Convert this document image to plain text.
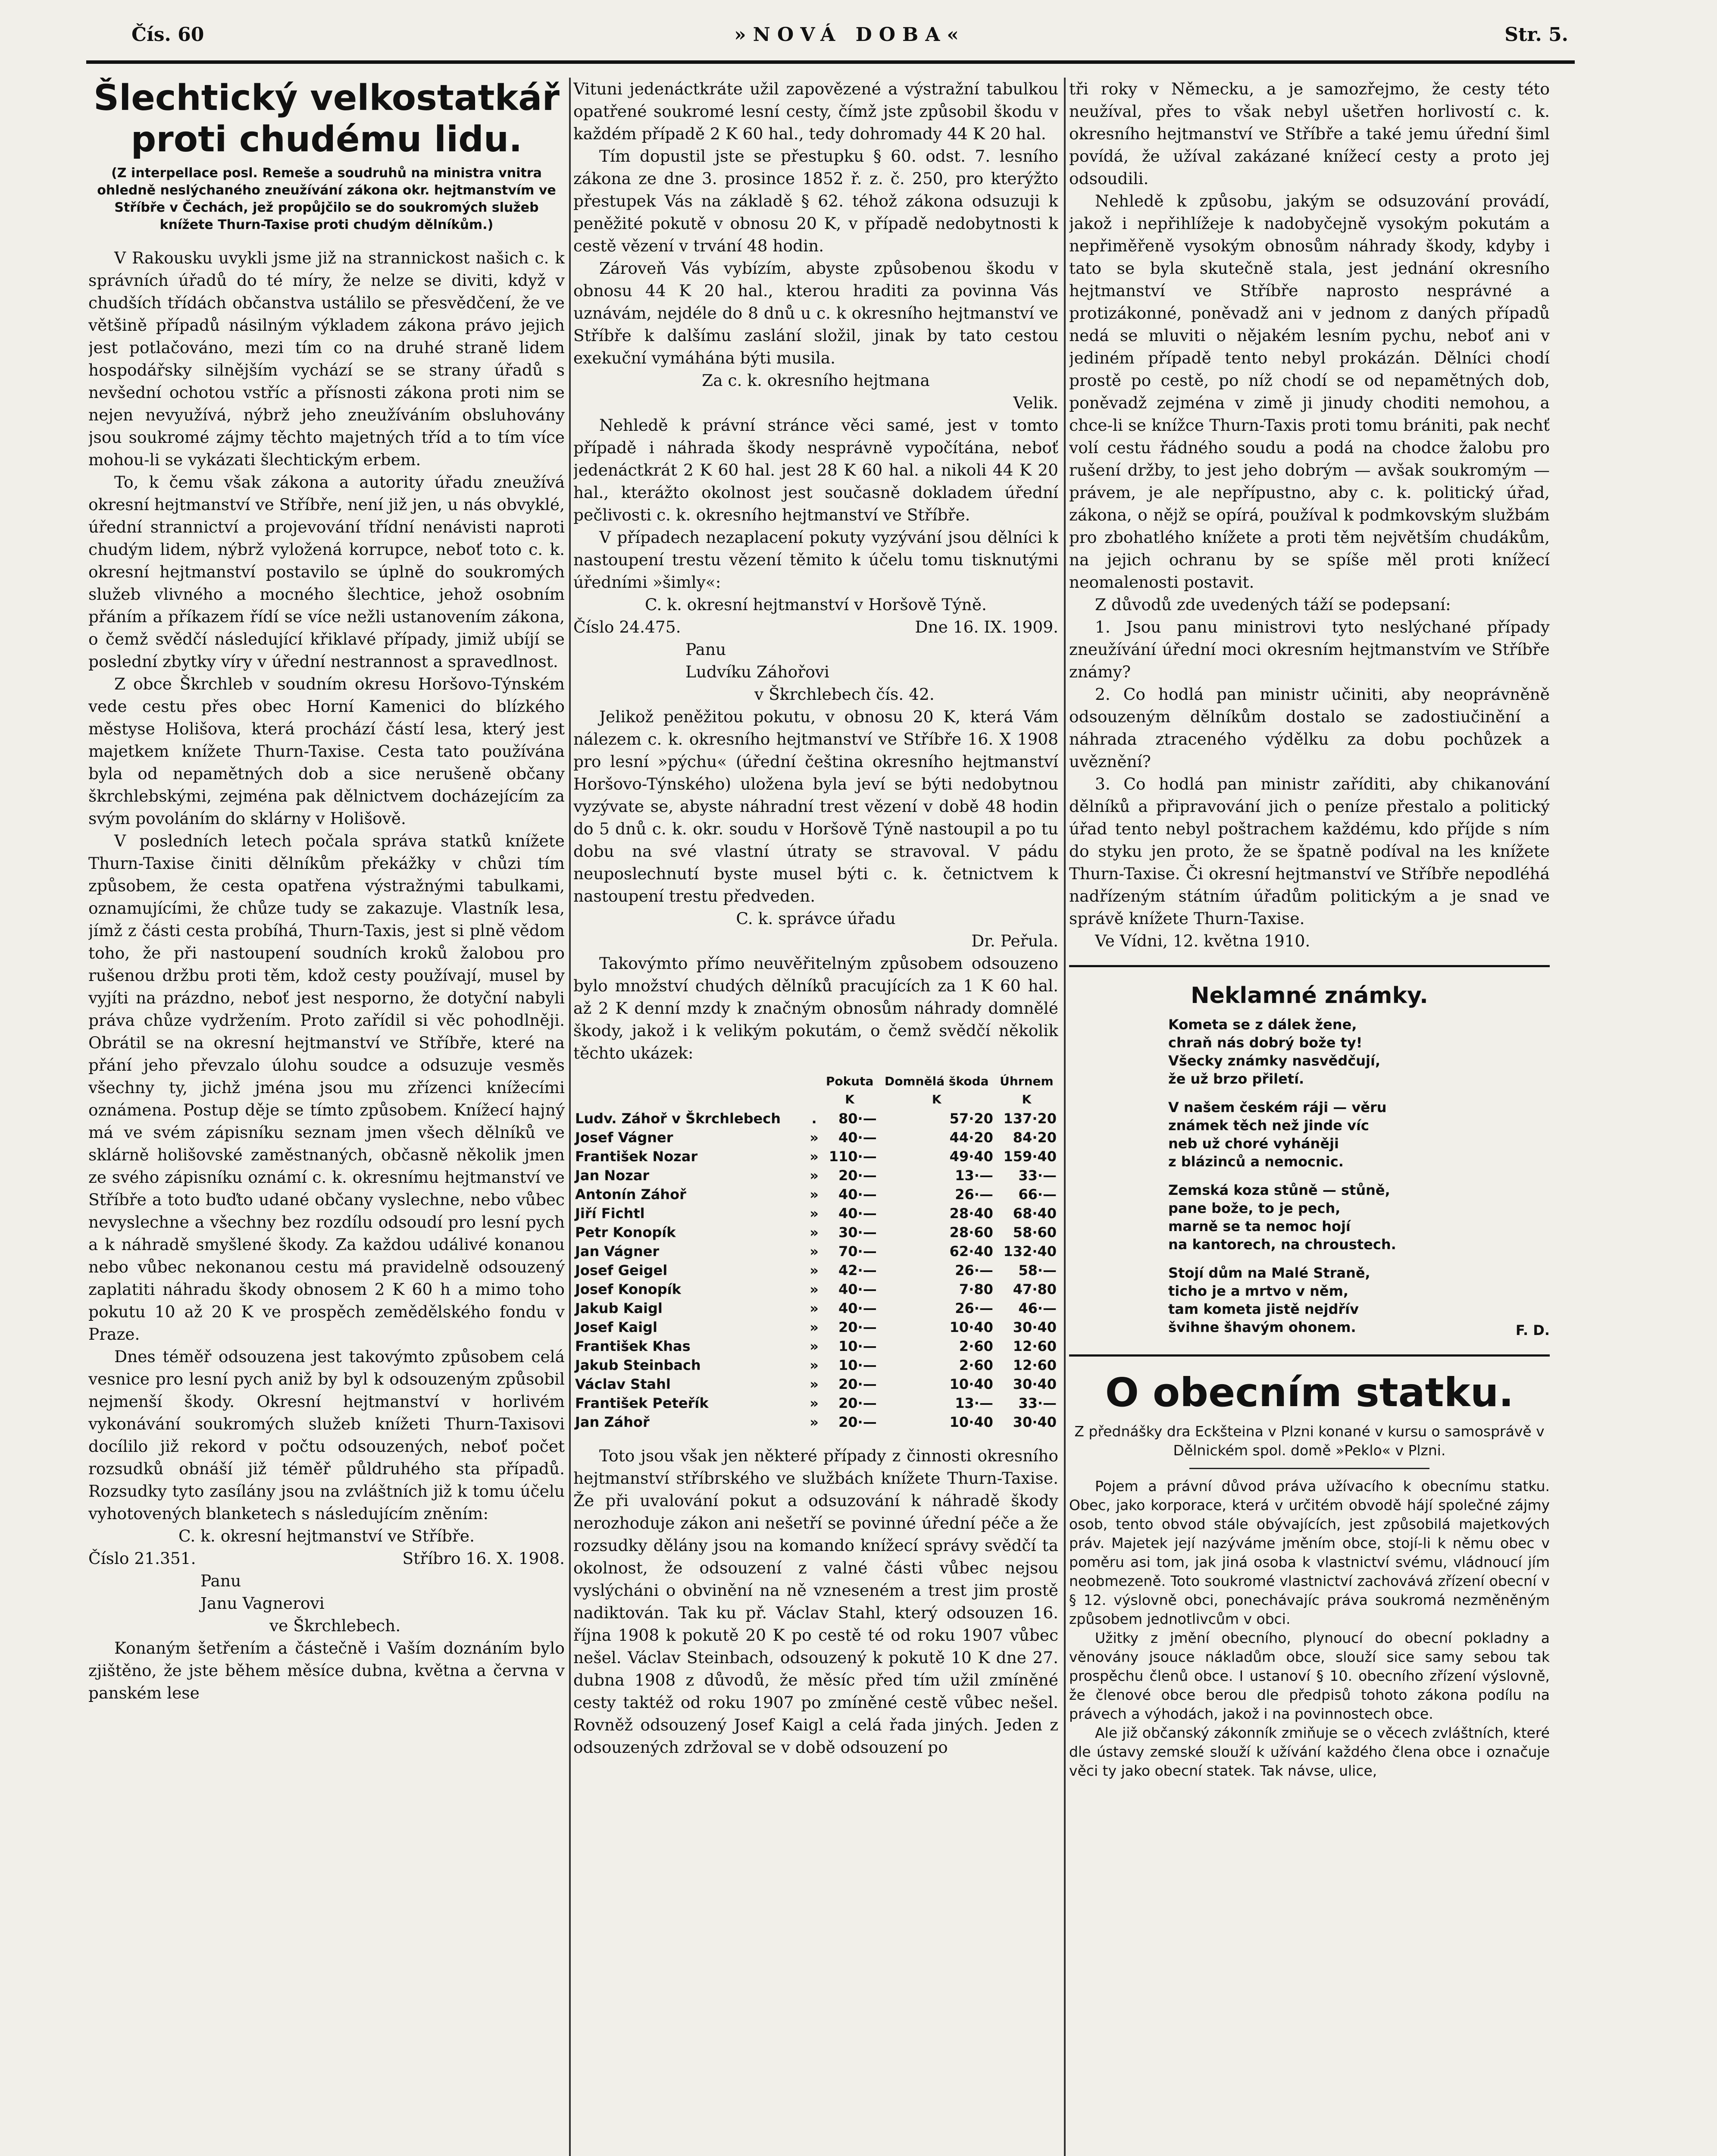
Čís. 60	»NOVÁ DOBA«	Str. 5.
Šlechtický velkostatkář proti chudému lidu.
(Z interpellace posl. Remeše a soudruhů na ministra vnitra ohledně neslýchaného zneužívání zákona okr. hejtmanstvím ve Stříbře v Čechách, jež propůjčilo se do soukromých služeb knížete Thurn-Taxise proti chudým dělníkům.)

V Rakousku uvykli jsme již na strannickost našich c. k správních úřadů do té míry, že nelze se diviti, když v chudších třídách občanstva ustálilo se přesvědčení, že ve většině případů násilným výkladem zákona právo jejich jest potlačováno, mezi tím co na druhé straně lidem hospodářsky silnějším vychází se se strany úřadů s nevšední ochotou vstříc a přísnosti zákona proti nim se nejen nevyužívá, nýbrž jeho zneužíváním obsluhovány jsou soukromé zájmy těchto majetných tříd a to tím více mohou-li se vykázati šlechtickým erbem.

To, k čemu však zákona a autority úřadu zneužívá okresní hejtmanství ve Stříbře, není již jen, u nás obvyklé, úřední strannictví a projevování třídní nenávisti naproti chudým lidem, nýbrž vyložená korrupce, neboť toto c. k. okresní hejtmanství postavilo se úplně do soukromých služeb vlivného a mocného šlechtice, jehož osobním přáním a příkazem řídí se více nežli ustanovením zákona, o čemž svědčí následující křiklavé případy, jimiž ubíjí se poslední zbytky víry v úřední nestrannost a spravedlnost.

Z obce Škrchleb v soudním okresu Horšovo-Týnském vede cestu přes obec Horní Kamenici do blízkého městyse Holišova, která prochází částí lesa, který jest majetkem knížete Thurn-Taxise. Cesta tato používána byla od nepamětných dob a sice nerušeně občany škrchlebskými, zejména pak dělnictvem docházejícím za svým povoláním do sklárny v Holišově.

V posledních letech počala správa statků knížete Thurn-Taxise činiti dělníkům překážky v chůzi tím způsobem, že cesta opatřena výstražnými tabulkami, oznamujícími, že chůze tudy se zakazuje. Vlastník lesa, jímž z části cesta probíhá, Thurn-Taxis, jest si plně vědom toho, že při nastoupení soudních kroků žalobou pro rušenou držbu proti těm, kdož cesty používají, musel by vyjíti na prázdno, neboť jest nesporno, že dotyční nabyli práva chůze vydržením. Proto zařídil si věc pohodlněji. Obrátil se na okresní hejtmanství ve Stříbře, které na přání jeho převzalo úlohu soudce a odsuzuje vesměs všechny ty, jichž jména jsou mu zřízenci knížecími oznámena. Postup děje se tímto způsobem. Knížecí hajný má ve svém zápisníku seznam jmen všech dělníků ve sklárně holišovské zaměstnaných, občasně několik jmen ze svého zápisníku oznámí c. k. okresnímu hejtmanství ve Stříbře a toto buďto udané občany vyslechne, nebo vůbec nevyslechne a všechny bez rozdílu odsoudí pro lesní pych a k náhradě smyšlené škody. Za každou událivé konanou nebo vůbec nekonanou cestu má pravidelně odsouzený zaplatiti náhradu škody obnosem 2 K 60 h a mimo toho pokutu 10 až 20 K ve prospěch zemědělského fondu v Praze.

Dnes téměř odsouzena jest takovýmto způsobem celá vesnice pro lesní pych aniž by byl k odsouzeným způsobil nejmenší škody. Okresní hejtmanství v horlivém vykonávání soukromých služeb knížeti Thurn-Taxisovi docílilo již rekord v počtu odsouzených, neboť počet rozsudků obnáší již téměř půldruhého sta případů. Rozsudky tyto zasílány jsou na zvláštních již k tomu účelu vyhotovených blanketech s následujícím zněním:

C. k. okresní hejtmanství ve Stříbře.

Číslo 21.351.	Stříbro 16. X. 1908.

Panu

Janu Vagnerovi

ve Škrchlebech.

Konaným šetřením a částečně i Vaším doznáním bylo zjištěno, že jste během měsíce dubna, května a června v panském lese

Vituni jedenáctkráte užil zapovězené a výstražní tabulkou opatřené soukromé lesní cesty, čímž jste způsobil škodu v každém případě 2 K 60 hal., tedy dohromady 44 K 20 hal.

Tím dopustil jste se přestupku § 60. odst. 7. lesního zákona ze dne 3. prosince 1852 ř. z. č. 250, pro kterýžto přestupek Vás na základě § 62. téhož zákona odsuzuji k peněžité pokutě v obnosu 20 K, v případě nedobytnosti k cestě vězení v trvání 48 hodin.

Zároveň Vás vybízím, abyste způsobenou škodu v obnosu 44 K 20 hal., kterou hraditi za povinna Vás uznávám, nejdéle do 8 dnů u c. k okresního hejtmanství ve Stříbře k dalšímu zaslání složil, jinak by tato cestou exekuční vymáhána býti musila.

Za c. k. okresního hejtmana

Velik.

Nehledě k právní stránce věci samé, jest v tomto případě i náhrada škody nesprávně vypočítána, neboť jedenáctkrát 2 K 60 hal. jest 28 K 60 hal. a nikoli 44 K 20 hal., kterážto okolnost jest současně dokladem úřední pečlivosti c. k. okresního hejtmanství ve Stříbře.

V případech nezaplacení pokuty vyzývání jsou dělníci k nastoupení trestu vězení těmito k účelu tomu tisknutými úředními »šimly«:

C. k. okresní hejtmanství v Horšově Týně.

Číslo 24.475.	Dne 16. IX. 1909.

Panu

Ludvíku Záhořovi

v Škrchlebech čís. 42.

Jelikož peněžitou pokutu, v obnosu 20 K, která Vám nálezem c. k. okresního hejtmanství ve Stříbře 16. X 1908 pro lesní »pýchu« (úřední čeština okresního hejtmanství Horšovo-Týnského) uložena byla jeví se býti nedobytnou vyzývate se, abyste náhradní trest vězení v době 48 hodin do 5 dnů c. k. okr. soudu v Horšově Týně nastoupil a po tu dobu na své vlastní útraty se stravoval. V pádu neuposlechnutí byste musel býti c. k. četnictvem k nastoupení trestu předveden.

C. k. správce úřadu

Dr. Peřula.

Takovýmto přímo neuvěřitelným způsobem odsouzeno bylo množství chudých dělníků pracujících za 1 K 60 hal. až 2 K denní mzdy k značným obnosům náhrady domnělé škody, jakož i k velikým pokutám, o čemž svědčí několik těchto ukázek:

		Pokuta	Domnělá škoda	Úhrnem
		K	K	K
Ludv. Záhoř v Škrchlebech	.	80·—	57·20	137·20
Josef Vágner	»	40·—	44·20	84·20
František Nozar	»	110·—	49·40	159·40
Jan Nozar	»	20·—	13·—	33·—
Antonín Záhoř	»	40·—	26·—	66·—
Jiří Fichtl	»	40·—	28·40	68·40
Petr Konopík	»	30·—	28·60	58·60
Jan Vágner	»	70·—	62·40	132·40
Josef Geigel	»	42·—	26·—	58·—
Josef Konopík	»	40·—	7·80	47·80
Jakub Kaigl	»	40·—	26·—	46·—
Josef Kaigl	»	20·—	10·40	30·40
František Khas	»	10·—	2·60	12·60
Jakub Steinbach	»	10·—	2·60	12·60
Václav Stahl	»	20·—	10·40	30·40
František Peteřík	»	20·—	13·—	33·—
Jan Záhoř	»	20·—	10·40	30·40

Toto jsou však jen některé případy z činnosti okresního hejtmanství stříbrského ve službách knížete Thurn-Taxise. Že při uvalování pokut a odsuzování k náhradě škody nerozhoduje zákon ani nešetří se povinné úřední péče a že rozsudky dělány jsou na komando knížecí správy svědčí ta okolnost, že odsouzení z valné části vůbec nejsou vyslýcháni o obvinění na ně vzneseném a trest jim prostě nadiktován. Tak ku př. Václav Stahl, který odsouzen 16. října 1908 k pokutě 20 K po cestě té od roku 1907 vůbec nešel. Václav Steinbach, odsouzený k pokutě 10 K dne 27. dubna 1908 z důvodů, že měsíc před tím užil zmíněné cesty taktéž od roku 1907 po zmíněné cestě vůbec nešel. Rovněž odsouzený Josef Kaigl a celá řada jiných. Jeden z odsouzených zdržoval se v době odsouzení po

tři roky v Německu, a je samozřejmo, že cesty této neužíval, přes to však nebyl ušetřen horlivostí c. k. okresního hejtmanství ve Stříbře a také jemu úřední šiml povídá, že užíval zakázané knížecí cesty a proto jej odsoudili.

Nehledě k způsobu, jakým se odsuzování provádí, jakož i nepřihlížeje k nadobyčejně vysokým pokutám a nepřiměřeně vysokým obnosům náhrady škody, kdyby i tato se byla skutečně stala, jest jednání okresního hejtmanství ve Stříbře naprosto nesprávné a protizákonné, poněvadž ani v jednom z daných případů nedá se mluviti o nějakém lesním pychu, neboť ani v jediném případě tento nebyl prokázán. Dělníci chodí prostě po cestě, po níž chodí se od nepamětných dob, poněvadž zejména v zimě ji jinudy choditi nemohou, a chce-li se knížce Thurn-Taxis proti tomu brániti, pak nechť volí cestu řádného soudu a podá na chodce žalobu pro rušení držby, to jest jeho dobrým — avšak soukromým — právem, je ale nepřípustno, aby c. k. politický úřad, zákona, o nějž se opírá, používal k podmkovským službám pro zbohatlého knížete a proti těm největším chudákům, na jejich ochranu by se spíše měl proti knížecí neomalenosti postavit.

Z důvodů zde uvedených táží se podepsaní:

1. Jsou panu ministrovi tyto neslýchané případy zneužívání úřední moci okresním hejtmanstvím ve Stříbře známy?

2. Co hodlá pan ministr učiniti, aby neoprávněně odsouzeným dělníkům dostalo se zadostiučinění a náhrada ztraceného výdělku za dobu pochůzek a uvěznění?

3. Co hodlá pan ministr zaříditi, aby chikanování dělníků a připravování jich o peníze přestalo a politický úřad tento nebyl poštrachem každému, kdo příjde s ním do styku jen proto, že se špatně podíval na les knížete Thurn-Taxise. Či okresní hejtmanství ve Stříbře nepodléhá nadřízeným státním úřadům politickým a je snad ve správě knížete Thurn-Taxise.

Ve Vídni, 12. května 1910.

Neklamné známky.
Kometa se z dálek žene,
chraň nás dobrý bože ty!
Všecky známky nasvědčují,
že už brzo přiletí.
V našem českém ráji — věru
známek těch než jinde víc
neb už choré vyháněji
z blázinců a nemocnic.
Zemská koza stůně — stůně,
pane bože, to je pech,
marně se ta nemoc hojí
na kantorech, na chroustech.
Stojí dům na Malé Straně,
ticho je a mrtvo v něm,
tam kometa jistě nejdřív
švihne šhavým ohonem.	F. D.
O obecním statku.

Z přednášky dra Eckšteina v Plzni konané v kursu o samosprávě v Dělnickém spol. domě »Peklo« v Plzni.

Pojem a právní důvod práva užívacího k obecnímu statku. Obec, jako korporace, která v určitém obvodě hájí společné zájmy osob, tento obvod stále obývajících, jest způsobilá majetkových práv. Majetek její nazýváme jměním obce, stojí-li k němu obec v poměru asi tom, jak jiná osoba k vlastnictví svému, vládnoucí jím neobmezeně. Toto soukromé vlastnictví zachovává zřízení obecní v § 12. výslovně obci, ponechávajíc práva soukromá nezměněným způsobem jednotlivcům v obci.

Užitky z jmění obecního, plynoucí do obecní pokladny a věnovány jsouce nákladům obce, slouží sice samy sebou tak prospěchu členů obce. I ustanoví § 10. obecního zřízení výslovně, že členové obce berou dle předpisů tohoto zákona podílu na právech a výhodách, jakož i na povinnostech obce.

Ale již občanský zákonník zmiňuje se o věcech zvláštních, které dle ústavy zemské slouží k užívání každého člena obce i označuje věci ty jako obecní statek. Tak návse, ulice,
